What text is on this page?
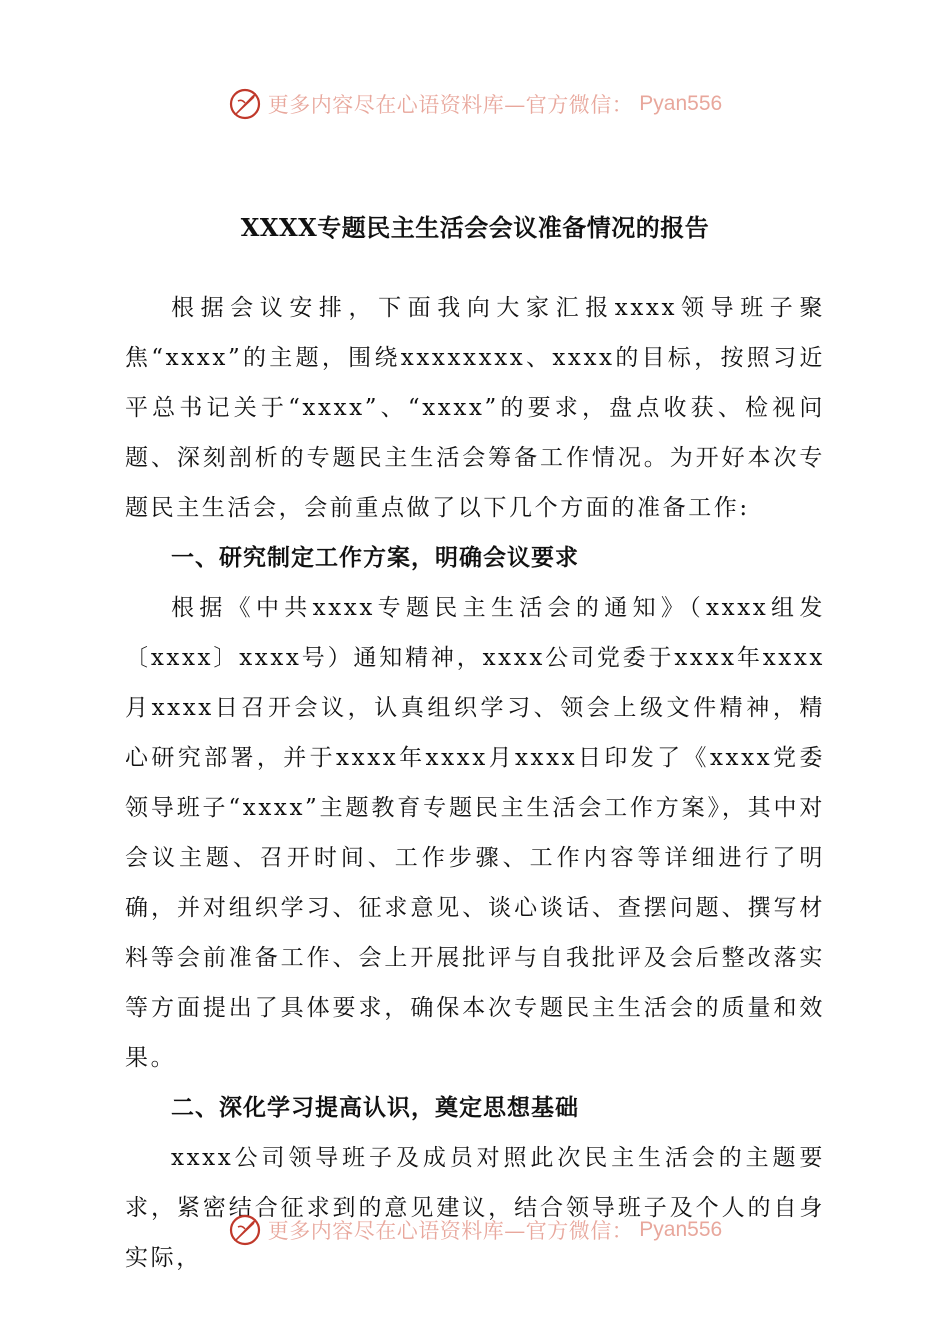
更多内容尽在心语资料库—官方微信： Pyan556
XXXX专题民主生活会会议准备情况的报告

根据会议安排，下面我向大家汇报xxxx领导班子聚焦“xxxx”的主题，围绕xxxxxxxx、xxxx的目标，按照习近平总书记关于“xxxx”、“xxxx”的要求，盘点收获、检视问题、深刻剖析的专题民主生活会筹备工作情况。为开好本次专题民主生活会，会前重点做了以下几个方面的准备工作:

一、研究制定工作方案，明确会议要求

根据《中共xxxx专题民主生活会的通知》（xxxx组发〔xxxx〕xxxx号）通知精神，xxxx公司党委于xxxx年xxxx月xxxx日召开会议，认真组织学习、领会上级文件精神，精心研究部署，并于xxxx年xxxx月xxxx日印发了《xxxx党委领导班子“xxxx”主题教育专题民主生活会工作方案》，其中对会议主题、召开时间、工作步骤、工作内容等详细进行了明确，并对组织学习、征求意见、谈心谈话、查摆问题、撰写材料等会前准备工作、会上开展批评与自我批评及会后整改落实等方面提出了具体要求，确保本次专题民主生活会的质量和效果。

二、深化学习提高认识，奠定思想基础

xxxx公司领导班子及成员对照此次民主生活会的主题要求，紧密结合征求到的意见建议，结合领导班子及个人的自身实际，

更多内容尽在心语资料库—官方微信： Pyan556
